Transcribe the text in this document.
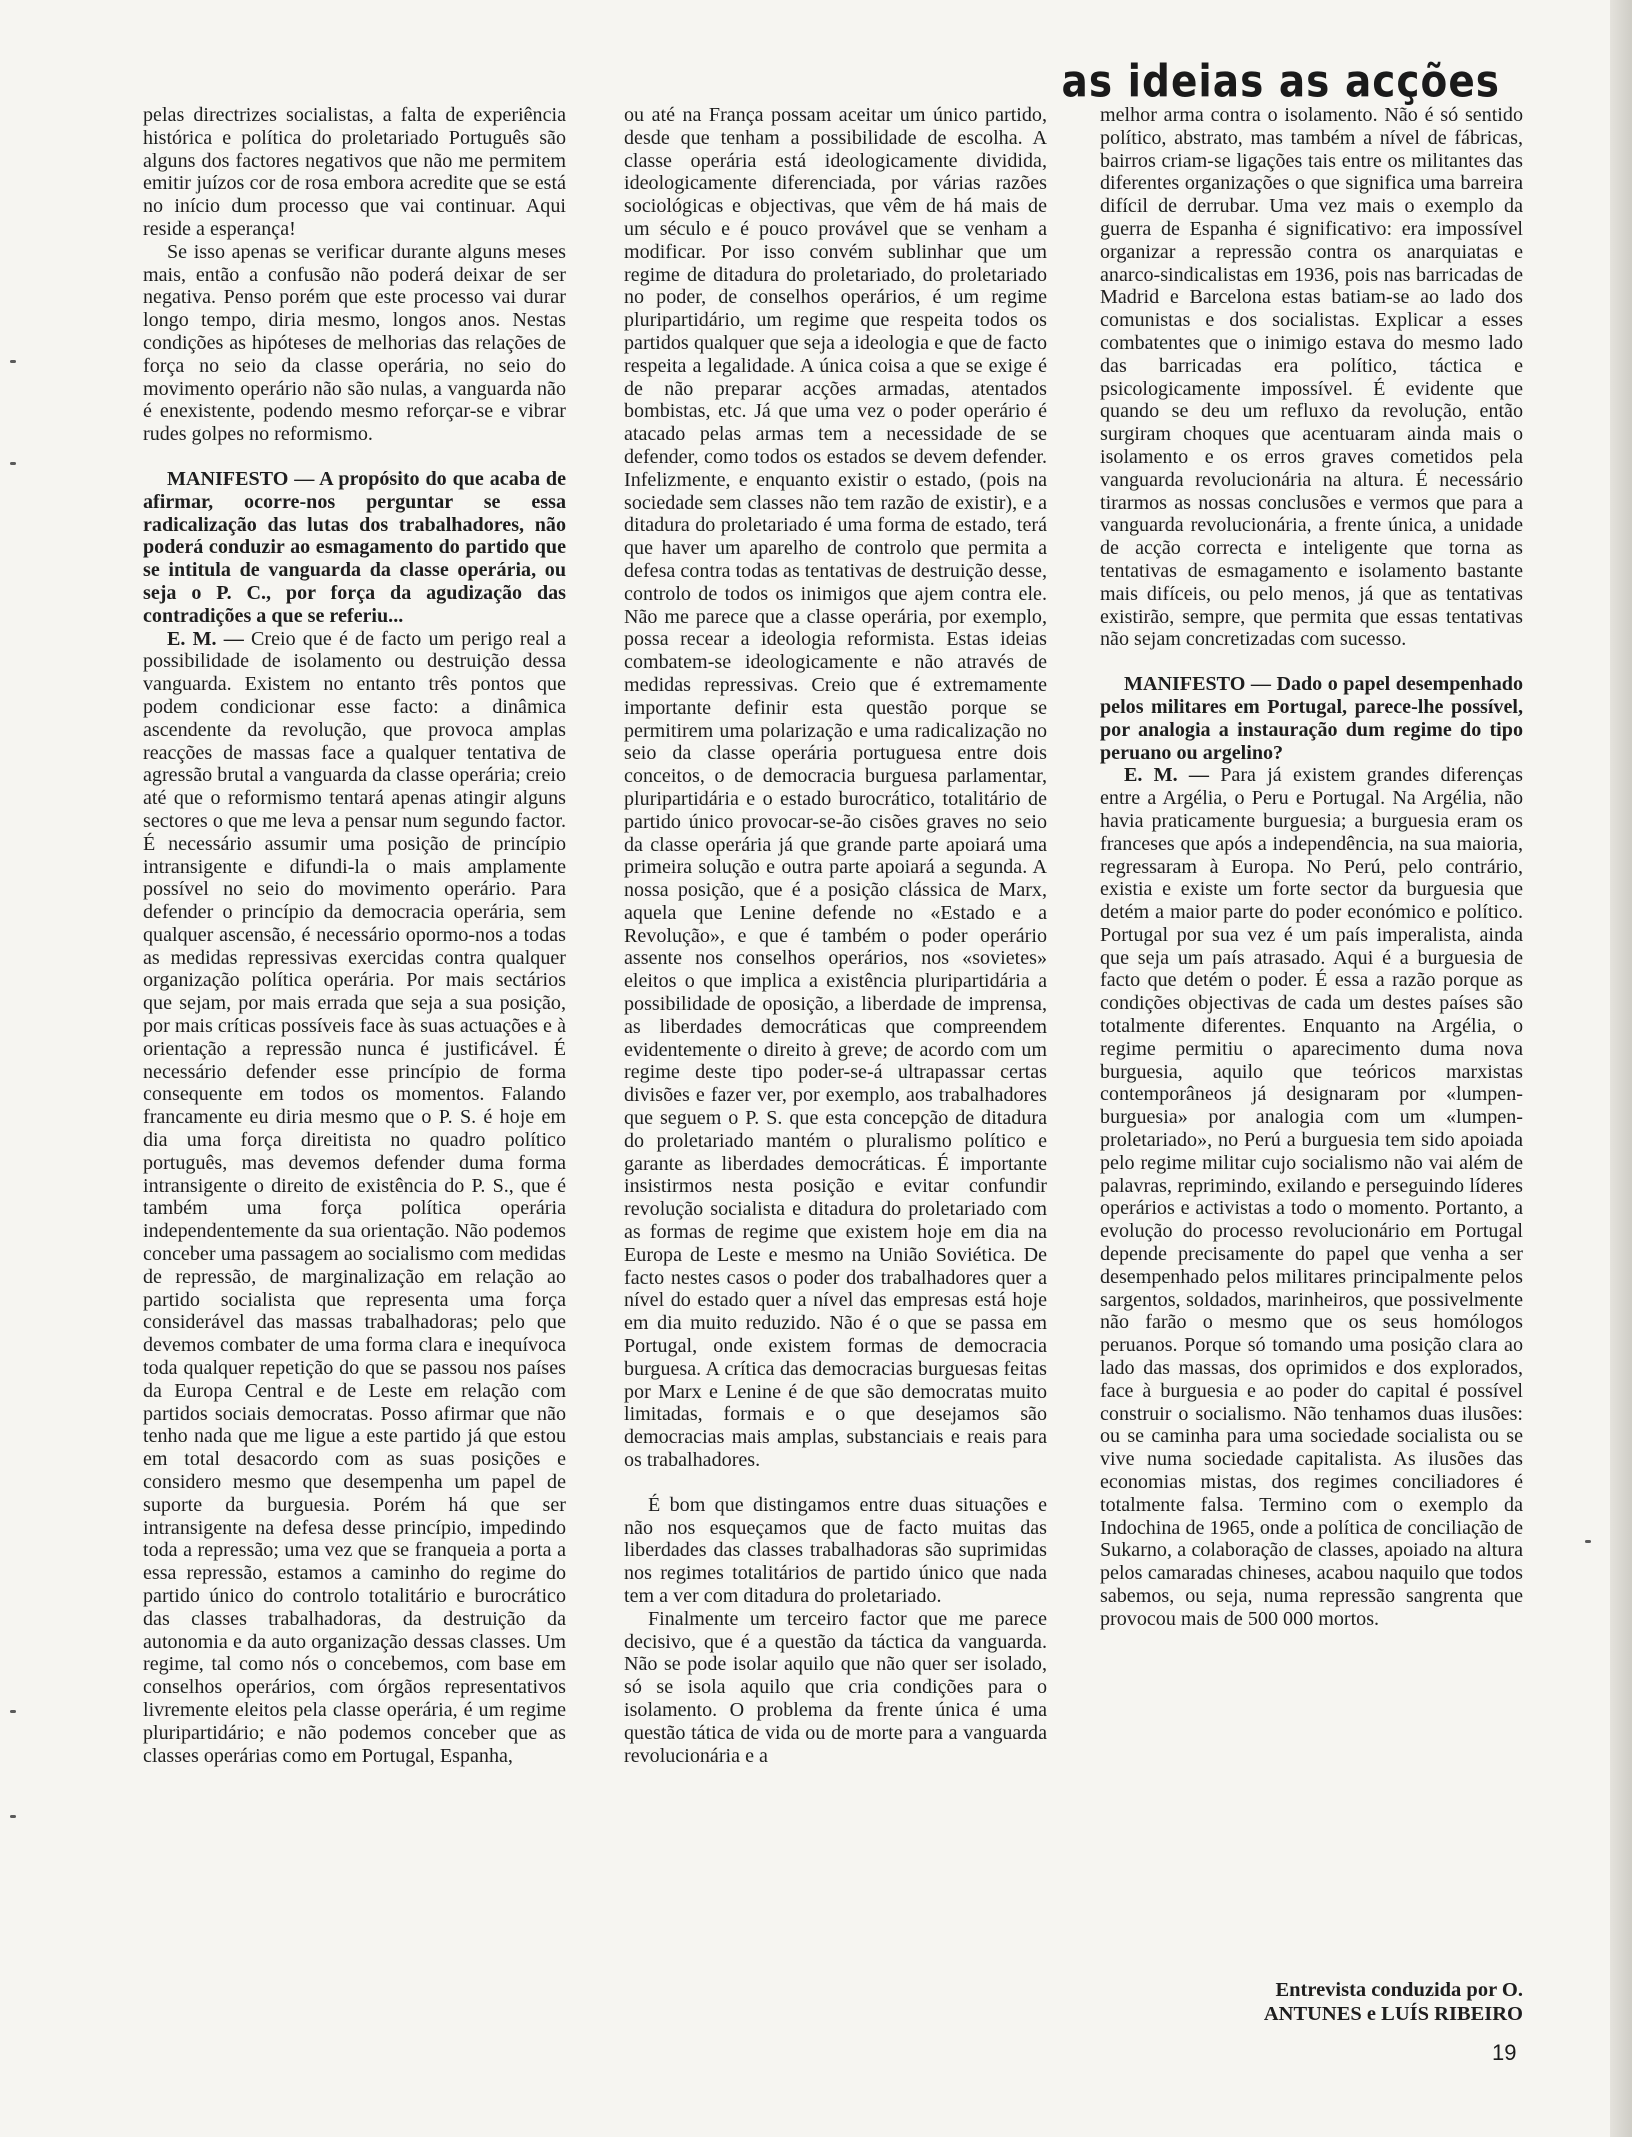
as ideias as acções

pelas directrizes socialistas, a falta de experiência histórica e política do proletariado Português são alguns dos factores negativos que não me permitem emitir juízos cor de rosa embora acredite que se está no início dum processo que vai continuar. Aqui reside a esperança!

Se isso apenas se verificar durante alguns meses mais, então a confusão não poderá deixar de ser negativa. Penso porém que este processo vai durar longo tempo, diria mesmo, longos anos. Nestas condições as hipóteses de melhorias das relações de força no seio da classe operária, no seio do movimento operário não são nulas, a vanguarda não é enexistente, podendo mesmo reforçar-se e vibrar rudes golpes no reformismo.

MANIFESTO — A propósito do que acaba de afirmar, ocorre-nos perguntar se essa radicalização das lutas dos trabalhadores, não poderá conduzir ao esmagamento do partido que se intitula de vanguarda da classe operária, ou seja o P. C., por força da agudização das contradições a que se referiu...

E. M. — Creio que é de facto um perigo real a possibilidade de isolamento ou destruição dessa vanguarda. Existem no entanto três pontos que podem condicionar esse facto: a dinâmica ascendente da revolução, que provoca amplas reacções de massas face a qualquer tentativa de agressão brutal a vanguarda da classe operária; creio até que o reformismo tentará apenas atingir alguns sectores o que me leva a pensar num segundo factor. É necessário assumir uma posição de princípio intransigente e difundi-la o mais amplamente possível no seio do movimento operário. Para defender o princípio da democracia operária, sem qualquer ascensão, é necessário opormo-nos a todas as medidas repressivas exercidas contra qualquer organização política operária. Por mais sectários que sejam, por mais errada que seja a sua posição, por mais críticas possíveis face às suas actuações e à orientação a repressão nunca é justificável. É necessário defender esse princípio de forma consequente em todos os momentos. Falando francamente eu diria mesmo que o P. S. é hoje em dia uma força direitista no quadro político português, mas devemos defender duma forma intransigente o direito de existência do P. S., que é também uma força política operária independentemente da sua orientação. Não podemos conceber uma passagem ao socialismo com medidas de repressão, de marginalização em relação ao partido socialista que representa uma força considerável das massas trabalhadoras; pelo que devemos combater de uma forma clara e inequívoca toda qualquer repetição do que se passou nos países da Europa Central e de Leste em relação com partidos sociais democratas. Posso afirmar que não tenho nada que me ligue a este partido já que estou em total desacordo com as suas posições e considero mesmo que desempenha um papel de suporte da burguesia. Porém há que ser intransigente na defesa desse princípio, impedindo toda a repressão; uma vez que se franqueia a porta a essa repressão, estamos a caminho do regime do partido único do controlo totalitário e burocrático das classes trabalhadoras, da destruição da autonomia e da auto organização dessas classes. Um regime, tal como nós o concebemos, com base em conselhos operários, com órgãos representativos livremente eleitos pela classe operária, é um regime pluripartidário; e não podemos conceber que as classes operárias como em Portugal, Espanha,

ou até na França possam aceitar um único partido, desde que tenham a possibilidade de escolha. A classe operária está ideologicamente dividida, ideologicamente diferenciada, por várias razões sociológicas e objectivas, que vêm de há mais de um século e é pouco provável que se venham a modificar. Por isso convém sublinhar que um regime de ditadura do proletariado, do proletariado no poder, de conselhos operários, é um regime pluripartidário, um regime que respeita todos os partidos qualquer que seja a ideologia e que de facto respeita a legalidade. A única coisa a que se exige é de não preparar acções armadas, atentados bombistas, etc. Já que uma vez o poder operário é atacado pelas armas tem a necessidade de se defender, como todos os estados se devem defender. Infelizmente, e enquanto existir o estado, (pois na sociedade sem classes não tem razão de existir), e a ditadura do proletariado é uma forma de estado, terá que haver um aparelho de controlo que permita a defesa contra todas as tentativas de destruição desse, controlo de todos os inimigos que ajem contra ele. Não me parece que a classe operária, por exemplo, possa recear a ideologia reformista. Estas ideias combatem-se ideologicamente e não através de medidas repressivas. Creio que é extremamente importante definir esta questão porque se permitirem uma polarização e uma radicalização no seio da classe operária portuguesa entre dois conceitos, o de democracia burguesa parlamentar, pluripartidária e o estado burocrático, totalitário de partido único provocar-se-ão cisões graves no seio da classe operária já que grande parte apoiará uma primeira solução e outra parte apoiará a segunda. A nossa posição, que é a posição clássica de Marx, aquela que Lenine defende no «Estado e a Revolução», e que é também o poder operário assente nos conselhos operários, nos «sovietes» eleitos o que implica a existência pluripartidária a possibilidade de oposição, a liberdade de imprensa, as liberdades democráticas que compreendem evidentemente o direito à greve; de acordo com um regime deste tipo poder-se-á ultrapassar certas divisões e fazer ver, por exemplo, aos trabalhadores que seguem o P. S. que esta concepção de ditadura do proletariado mantém o pluralismo político e garante as liberdades democráticas. É importante insistirmos nesta posição e evitar confundir revolução socialista e ditadura do proletariado com as formas de regime que existem hoje em dia na Europa de Leste e mesmo na União Soviética. De facto nestes casos o poder dos trabalhadores quer a nível do estado quer a nível das empresas está hoje em dia muito reduzido. Não é o que se passa em Portugal, onde existem formas de democracia burguesa. A crítica das democracias burguesas feitas por Marx e Lenine é de que são democratas muito limitadas, formais e o que desejamos são democracias mais amplas, substanciais e reais para os trabalhadores.

É bom que distingamos entre duas situações e não nos esqueçamos que de facto muitas das liberdades das classes trabalhadoras são suprimidas nos regimes totalitários de partido único que nada tem a ver com ditadura do proletariado.

Finalmente um terceiro factor que me parece decisivo, que é a questão da táctica da vanguarda. Não se pode isolar aquilo que não quer ser isolado, só se isola aquilo que cria condições para o isolamento. O problema da frente única é uma questão tática de vida ou de morte para a vanguarda revolucionária e a

melhor arma contra o isolamento. Não é só sentido político, abstrato, mas também a nível de fábricas, bairros criam-se ligações tais entre os militantes das diferentes organizações o que significa uma barreira difícil de derrubar. Uma vez mais o exemplo da guerra de Espanha é significativo: era impossível organizar a repressão contra os anarquiatas e anarco-sindicalistas em 1936, pois nas barricadas de Madrid e Barcelona estas batiam-se ao lado dos comunistas e dos socialistas. Explicar a esses combatentes que o inimigo estava do mesmo lado das barricadas era político, táctica e psicologicamente impossível. É evidente que quando se deu um refluxo da revolução, então surgiram choques que acentuaram ainda mais o isolamento e os erros graves cometidos pela vanguarda revolucionária na altura. É necessário tirarmos as nossas conclusões e vermos que para a vanguarda revolucionária, a frente única, a unidade de acção correcta e inteligente que torna as tentativas de esmagamento e isolamento bastante mais difíceis, ou pelo menos, já que as tentativas existirão, sempre, que permita que essas tentativas não sejam concretizadas com sucesso.

MANIFESTO — Dado o papel desempenhado pelos militares em Portugal, parece-lhe possível, por analogia a instauração dum regime do tipo peruano ou argelino?

E. M. — Para já existem grandes diferenças entre a Argélia, o Peru e Portugal. Na Argélia, não havia praticamente burguesia; a burguesia eram os franceses que após a independência, na sua maioria, regressaram à Europa. No Perú, pelo contrário, existia e existe um forte sector da burguesia que detém a maior parte do poder económico e político. Portugal por sua vez é um país imperalista, ainda que seja um país atrasado. Aqui é a burguesia de facto que detém o poder. É essa a razão porque as condições objectivas de cada um destes países são totalmente diferentes. Enquanto na Argélia, o regime permitiu o aparecimento duma nova burguesia, aquilo que teóricos marxistas contemporâneos já designaram por «lumpen-burguesia» por analogia com um «lumpen-proletariado», no Perú a burguesia tem sido apoiada pelo regime militar cujo socialismo não vai além de palavras, reprimindo, exilando e perseguindo líderes operários e activistas a todo o momento. Portanto, a evolução do processo revolucionário em Portugal depende precisamente do papel que venha a ser desempenhado pelos militares principalmente pelos sargentos, soldados, marinheiros, que possivelmente não farão o mesmo que os seus homólogos peruanos. Porque só tomando uma posição clara ao lado das massas, dos oprimidos e dos explorados, face à burguesia e ao poder do capital é possível construir o socialismo. Não tenhamos duas ilusões: ou se caminha para uma sociedade socialista ou se vive numa sociedade capitalista. As ilusões das economias mistas, dos regimes conciliadores é totalmente falsa. Termino com o exemplo da Indochina de 1965, onde a política de conciliação de Sukarno, a colaboração de classes, apoiado na altura pelos camaradas chineses, acabou naquilo que todos sabemos, ou seja, numa repressão sangrenta que provocou mais de 500 000 mortos.

Entrevista conduzida por O.
ANTUNES e LUÍS RIBEIRO

19
